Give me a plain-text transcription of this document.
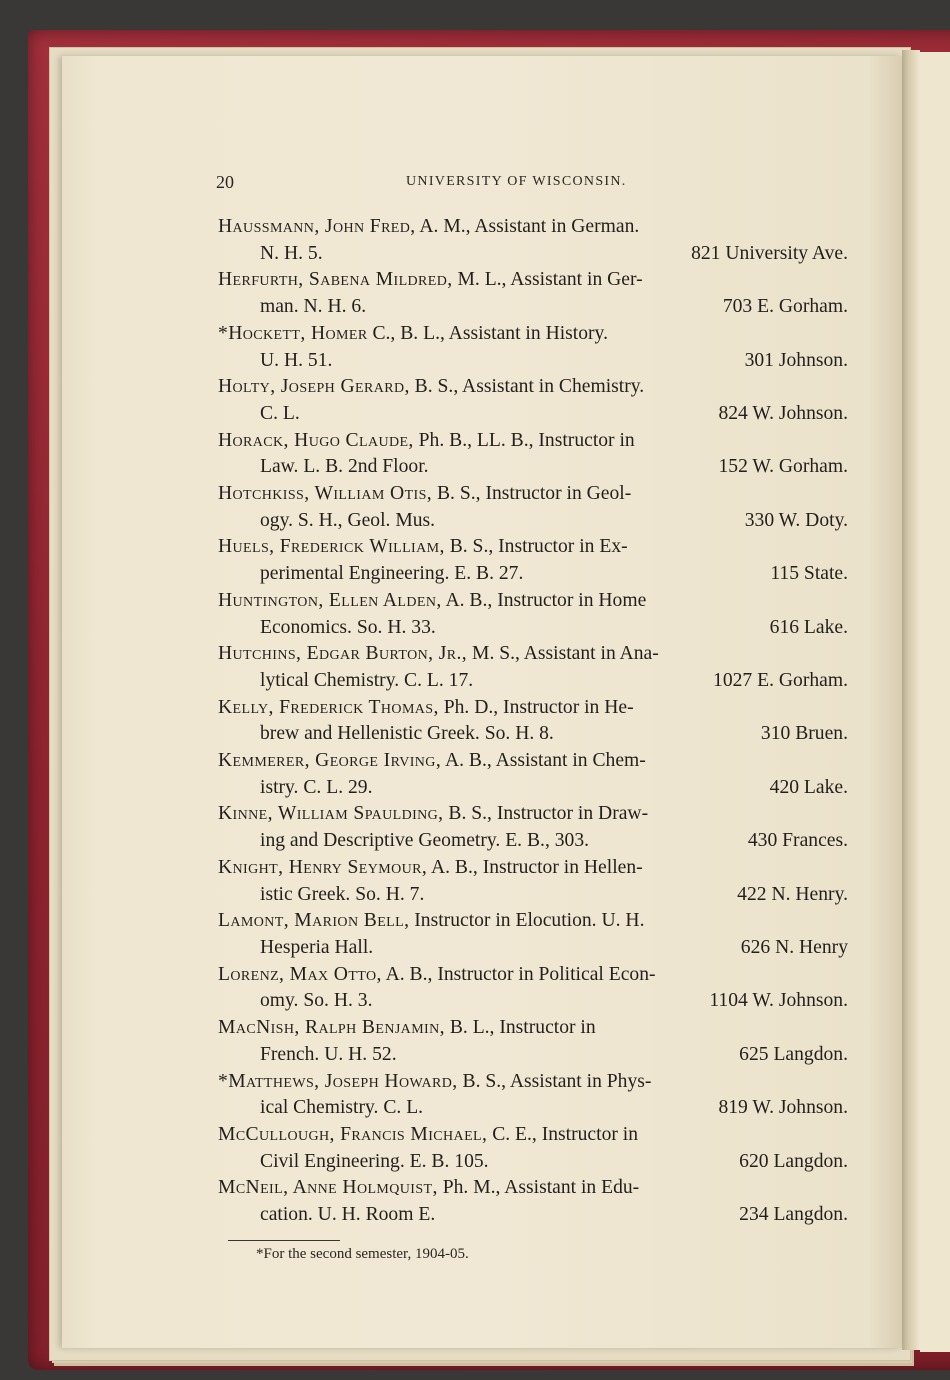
20	UNIVERSITY OF WISCONSIN.
Haussmann, John Fred, A. M., Assistant in German.
N. H. 5.	821 University Ave.
Herfurth, Sabena Mildred, M. L., Assistant in Ger-
man. N. H. 6.	703 E. Gorham.
*Hockett, Homer C., B. L., Assistant in History.
U. H. 51.	301 Johnson.
Holty, Joseph Gerard, B. S., Assistant in Chemistry.
C. L.	824 W. Johnson.
Horack, Hugo Claude, Ph. B., LL. B., Instructor in
Law. L. B. 2nd Floor.	152 W. Gorham.
Hotchkiss, William Otis, B. S., Instructor in Geol-
ogy. S. H., Geol. Mus.	330 W. Doty.
Huels, Frederick William, B. S., Instructor in Ex-
perimental Engineering. E. B. 27.	115 State.
Huntington, Ellen Alden, A. B., Instructor in Home
Economics. So. H. 33.	616 Lake.
Hutchins, Edgar Burton, Jr., M. S., Assistant in Ana-
lytical Chemistry. C. L. 17.	1027 E. Gorham.
Kelly, Frederick Thomas, Ph. D., Instructor in He-
brew and Hellenistic Greek. So. H. 8.	310 Bruen.
Kemmerer, George Irving, A. B., Assistant in Chem-
istry. C. L. 29.	420 Lake.
Kinne, William Spaulding, B. S., Instructor in Draw-
ing and Descriptive Geometry. E. B., 303.	430 Frances.
Knight, Henry Seymour, A. B., Instructor in Hellen-
istic Greek. So. H. 7.	422 N. Henry.
Lamont, Marion Bell, Instructor in Elocution. U. H.
Hesperia Hall.	626 N. Henry
Lorenz, Max Otto, A. B., Instructor in Political Econ-
omy. So. H. 3.	1104 W. Johnson.
MacNish, Ralph Benjamin, B. L., Instructor in
French. U. H. 52.	625 Langdon.
*Matthews, Joseph Howard, B. S., Assistant in Phys-
ical Chemistry. C. L.	819 W. Johnson.
McCullough, Francis Michael, C. E., Instructor in
Civil Engineering. E. B. 105.	620 Langdon.
McNeil, Anne Holmquist, Ph. M., Assistant in Edu-
cation. U. H. Room E.	234 Langdon.
*For the second semester, 1904-05.
